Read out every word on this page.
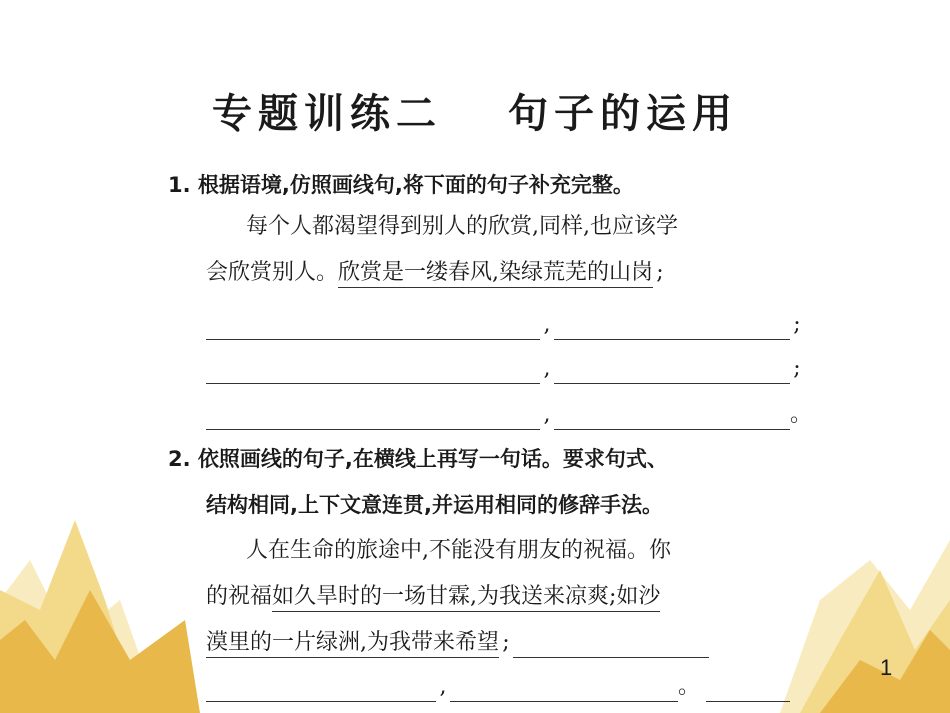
专题训练二　 句子的运用
1. 根据语境,仿照画线句,将下面的句子补充完整。
每个人都渴望得到别人的欣赏,同样,也应该学
会欣赏别人。欣赏是一缕春风,染绿荒芜的山岗 ;
,	;
,	;
,	。
2. 依照画线的句子,在横线上再写一句话。要求句式、
结构相同,上下文意连贯,并运用相同的修辞手法。
人在生命的旅途中,不能没有朋友的祝福。你
的祝福如久旱时的一场甘霖,为我送来凉爽;如沙
漠里的一片绿洲,为我带来希望 ;
,	。
1
